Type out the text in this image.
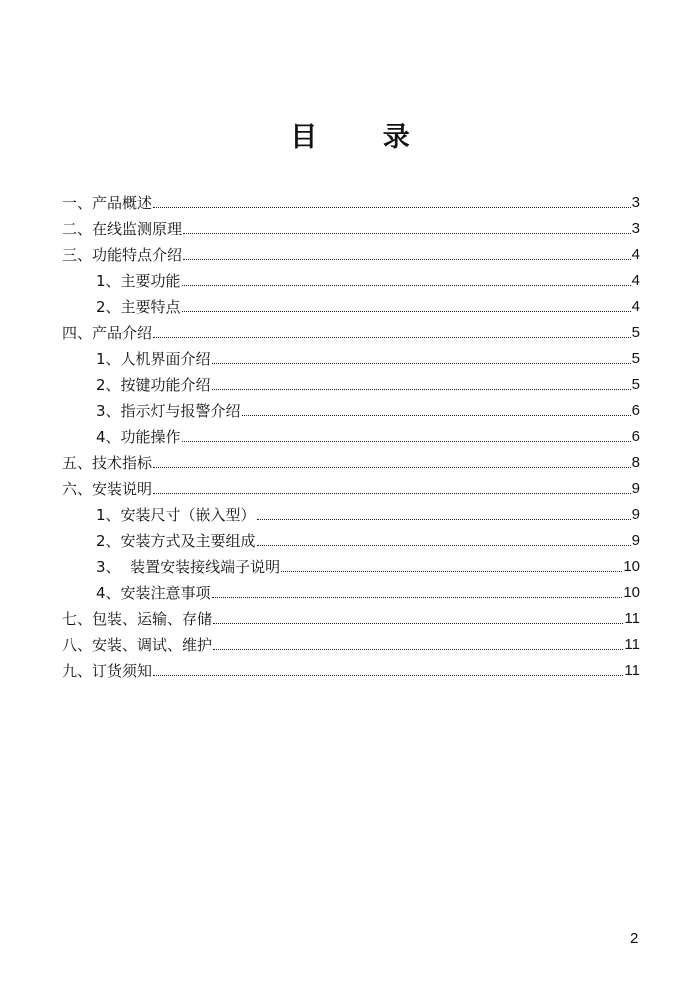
目 录
一、产品概述	3
二、在线监测原理	3
三、功能特点介绍	4
1、主要功能	4
2、主要特点	4
四、产品介绍	5
1、人机界面介绍	5
2、按键功能介绍	5
3、指示灯与报警介绍	6
4、功能操作	6
五、技术指标	8
六、安装说明	9
1、安装尺寸（嵌入型）	9
2、安装方式及主要组成	9
3、  装置安装接线端子说明	10
4、安装注意事项	10
七、包装、运输、存储	11
八、安装、调试、维护	11
九、订货须知	11
2
